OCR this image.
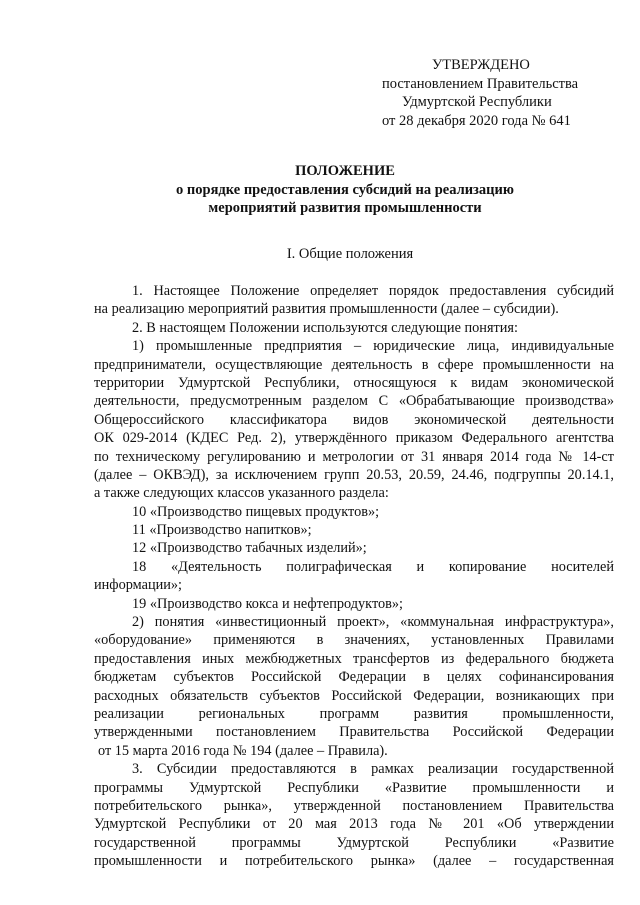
УТВЕРЖДЕНО
постановлением Правительства
Удмуртской Республики
от 28 декабря 2020 года № 641
ПОЛОЖЕНИЕ
о порядке предоставления субсидий на реализацию
мероприятий развития промышленности
I. Общие положения
1. Настоящее Положение определяет порядок предоставления субсидий
на реализацию мероприятий развития промышленности (далее – субсидии).
2. В настоящем Положении используются следующие понятия:
1) промышленные предприятия – юридические лица, индивидуальные
предприниматели, осуществляющие деятельность в сфере промышленности на
территории Удмуртской Республики, относящуюся к видам экономической
деятельности, предусмотренным разделом С «Обрабатывающие производства»
Общероссийского классификатора видов экономической деятельности
ОК 029-2014 (КДЕС Ред. 2), утверждённого приказом Федерального агентства
по техническому регулированию и метрологии от 31 января 2014 года № 14-ст
(далее – ОКВЭД), за исключением групп 20.53, 20.59, 24.46, подгруппы 20.14.1,
а также следующих классов указанного раздела:
10 «Производство пищевых продуктов»;
11 «Производство напитков»;
12 «Производство табачных изделий»;
18 «Деятельность полиграфическая и копирование носителей
информации»;
19 «Производство кокса и нефтепродуктов»;
2) понятия «инвестиционный проект», «коммунальная инфраструктура»,
«оборудование» применяются в значениях, установленных Правилами
предоставления иных межбюджетных трансфертов из федерального бюджета
бюджетам субъектов Российской Федерации в целях софинансирования
расходных обязательств субъектов Российской Федерации, возникающих при
реализации региональных программ развития промышленности,
утвержденными постановлением Правительства Российской Федерации
от 15 марта 2016 года № 194 (далее – Правила).
3. Субсидии предоставляются в рамках реализации государственной
программы Удмуртской Республики «Развитие промышленности и
потребительского рынка», утвержденной постановлением Правительства
Удмуртской Республики от 20 мая 2013 года № 201 «Об утверждении
государственной программы Удмуртской Республики «Развитие
промышленности и потребительского рынка» (далее – государственная
